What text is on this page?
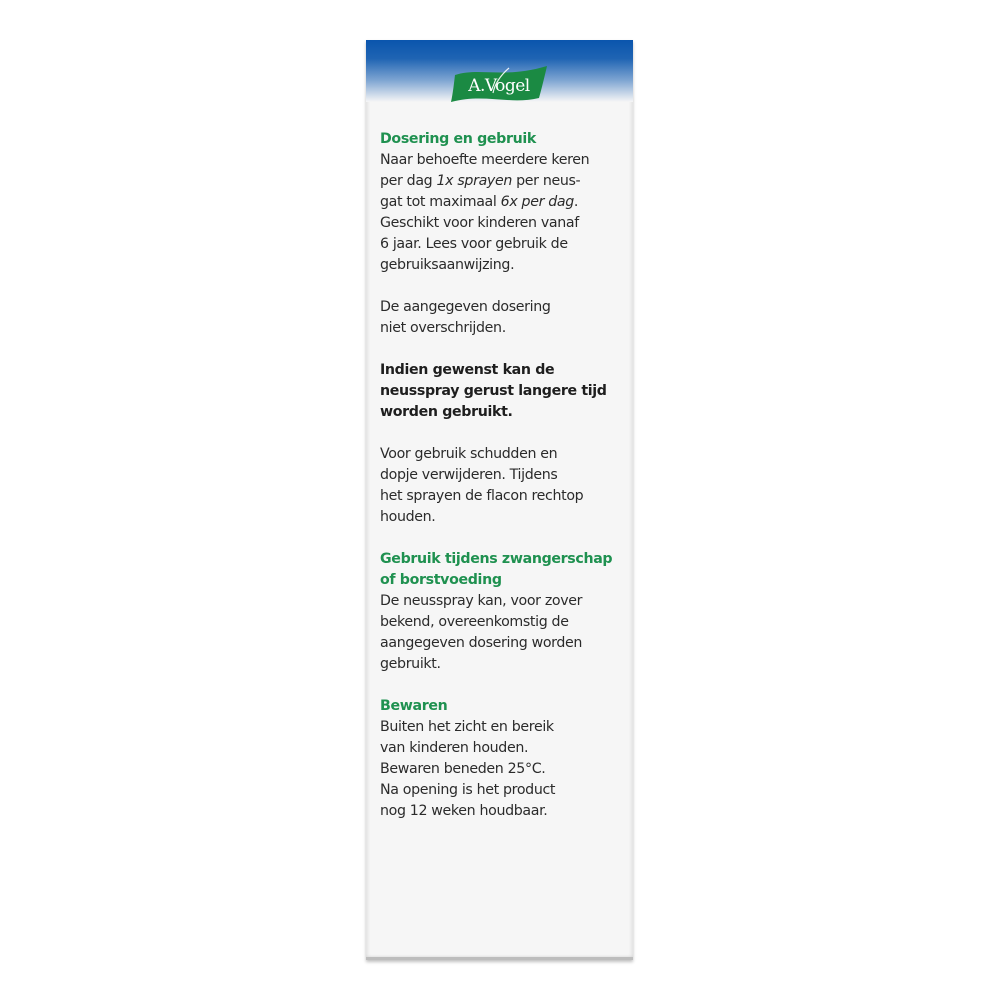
A.Vogel
Dosering en gebruik

Naar behoefte meerdere keren

per dag 1x sprayen per neus-

gat tot maximaal 6x per dag.

Geschikt voor kinderen vanaf

6 jaar. Lees voor gebruik de

gebruiksaanwijzing.

De aangegeven dosering

niet overschrijden.

Indien gewenst kan de

neusspray gerust langere tijd

worden gebruikt.

Voor gebruik schudden en

dopje verwijderen. Tijdens

het sprayen de flacon rechtop

houden.

Gebruik tijdens zwangerschap
of borstvoeding

De neusspray kan, voor zover

bekend, overeenkomstig de

aangegeven dosering worden

gebruikt.

Bewaren

Buiten het zicht en bereik

van kinderen houden.

Bewaren beneden 25°C.

Na opening is het product

nog 12 weken houdbaar.
